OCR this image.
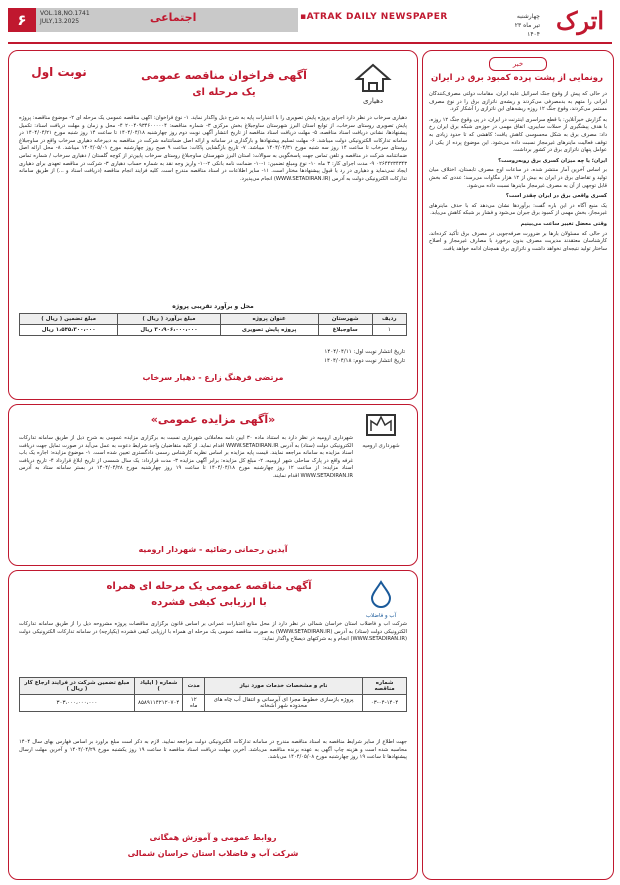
۶	VOL.18,NO.1741
JULY,13.2025	اجتماعی	▪ATRAK DAILY NEWSPAPER	چهارشنبه
۲۳ تیر ماه ۱۴۰۴ اترک
خبر
رونمایی از پشت پرده کمبود برق در ایران

در حالی که پیش از وقوع جنگ اسرائیل علیه ایران، مقامات دولتی مصرف‌کنندگان ایرانی را متهم به بدمصرفی می‌کردند و ریشه‌ی ناترازی برق را در نوع مصرف مستمر می‌کردند، وقوع جنگ ۱۲ روزه ریشه‌های این ناترازی را آشکار کرد.

به گزارش خبرآنلاین: با قطع سراسری اینترنت در ایران، در پی وقوع جنگ ۱۲ روزه، با هدف پیشگیری از حملات سایبری، اتفاق مهمی در حوزه‌ی شبکه برق ایران رخ داد: مصرف برق به شکل محسوسی کاهش یافت؛ کاهشی که تا حدود زیادی به توقف فعالیت ماینرهای غیرمجاز نسبت داده می‌شود. این موضوع پرده از یکی از عوامل پنهان ناترازی برق در کشور برداشت.

ایران؛ یا چه میزان کسری برق روبه‌روست؟

بر اساس آخرین آمار منتشر شده، در ساعات اوج مصرف تابستان، اختلاف میان تولید و تقاضای برق در ایران به بیش از ۱۲ هزار مگاوات می‌رسد؛ عددی که بخش قابل توجهی از آن به مصرف غیرمجاز ماینرها نسبت داده می‌شود.

کسری واقعی برق در ایران چقدر است؟

یک منبع آگاه در این باره گفت: برآوردها نشان می‌دهد که با حذف ماینرهای غیرمجاز، بخش مهمی از کمبود برق جبران می‌شود و فشار بر شبکه کاهش می‌یابد.

وقتی معضل تغییر ساعت می‌بینیم

در حالی که مسئولان بارها بر ضرورت صرفه‌جویی در مصرف برق تأکید کرده‌اند، کارشناسان معتقدند مدیریت مصرف بدون برخورد با مصارف غیرمجاز و اصلاح ساختار تولید نتیجه‌ای نخواهد داشت و ناترازی برق همچنان ادامه خواهد یافت.

نوبت اول
دهیاری
آگهی فراخوان مناقصه عمومی
یک مرحله ای
دهیاری سرخاب در نظر دارد اجرای پروژه پایش تصویری را با اعتبارات پایه به شرح ذیل واگذار نماید. ۱- نوع فراخوان: آگهی مناقصه عمومی یک مرحله ای ۲- موضوع مناقصه: پروژه پایش تصویری روستای سرخاب، از توابع استان البرز شهرستان ساوجبلاغ بخش مرکزی ۳- شماره مناقصه: ۲۰۰۴۰۹۳۴۶۰۰۰۰۰۴ ۴- محل و زمان و مهلت دریافت اسناد: تکمیل پیشنهادها، نشانی دریافت اسناد مناقصه، ۵- مهلت دریافت اسناد مناقصه از تاریخ انتشار آگهی نوبت دوم روز چهارشنبه ۱۴۰۴/۰۴/۱۸ تا ساعت ۱۴ روز شنبه مورخ ۱۴۰۴/۰۴/۲۱ در سامانه تدارکات الکترونیکی دولت میباشد. ۶- مهلت تسلیم پیشنهادها و بارگذاری در سامانه و ارائه اصل ضمانتنامه شرکت در مناقصه به دبیرخانه دهیاری سرخاب واقع در ساوجبلاغ روستای سرخاب تا ساعت ۱۴ روز سه شنبه مورخ ۱۴۰۴/۰۴/۳۱ میباشد. ۷- تاریخ بازگشایی پاکات: ساعت ۹ صبح روز چهارشنبه مورخ ۱۴۰۴/۰۵/۰۱ میباشد. ۸- محل ارائه اصل ضمانتنامه شرکت در مناقصه و تلفن تماس جهت پاسخگویی به سوالات: استان البرز شهرستان ساوجبلاغ روستای سرخاب پایین‌تر از کوچه گلستان / دهیاری سرخاب / شماره تماس ۰۲۶۴۴۲۳۴۳۴۳ ۹- مدت اجرای کار: ۳ ماه ۱۰- نوع ومبلغ تضمین: ۱-۱۰- ضمانت نامه بانکی ۲-۱۰- واریز وجه نقد به شماره حساب دهیاری ۳- شرکت در مناقصه تعهدی برای دهیاری ایجاد نمی‌نماید و دهیاری در رد یا قبول پیشنهادها مختار است. ۱۱- سایر اطلاعات در اسناد مناقصه مندرج است. کلیه فرایند انجام مناقصه (دریافت اسناد و ...) از طریق سامانه تدارکات الکترونیکی دولت به آدرس (WWW.SETADIRAN.IR) انجام می‌پذیرد.
محل و برآورد تقریبی پروژه
ردیف	شهرستان	عنوان پروژه	مبلغ برآورد ( ریال )	مبلغ تضمین ( ریال )
۱	ساوجبلاغ	پروژه پایش تصویری	۳۰،۹۰۶،۰۰۰،۰۰۰ ریال	۱،۵۴۵،۳۰۰،۰۰۰ ریال
تاریخ انتشار نوبت اول: ۱۴۰۴/۰۴/۱۱
تاریخ انتشار نوبت دوم: ۱۴۰۴/۰۴/۱۸
مرتضی فرهنگ زارع - دهیار سرخاب
«آگهی مزایده عمومی»
شهرداری ارومیه
شهرداری ارومیه در نظر دارد به استناد ماده ۳۰ آیین نامه معاملاتی شهرداری نسبت به برگزاری مزایده عمومی به شرح ذیل از طریق سامانه تدارکات الکترونیکی دولت (ستاد) به آدرس WWW.SETADIRAN.IR اقدام نماید. از کلیه متقاضیان واجد شرایط دعوت به عمل می‌آید در صورت تمایل جهت دریافت اسناد مزایده به سامانه مراجعه نمایند. قیمت پایه مزایده بر اساس نظریه کارشناس رسمی دادگستری تعیین شده است. ۱- موضوع مزایده: اجاره یک باب غرفه واقع در پارک ساحلی شهر ارومیه، ۲- مبلغ کل مزایده: برابر آگهی مزایده ۳- مدت قرارداد: یک سال شمسی از تاریخ ابلاغ قرارداد ۴- تاریخ دریافت اسناد مزایده: از ساعت ۱۲ روز چهارشنبه مورخ ۱۴۰۴/۰۴/۱۸ تا ساعت ۱۹ روز چهارشنبه مورخ ۱۴۰۴/۰۴/۲۸ در بستر سامانه ستاد به آدرس WWW.SETADIRAN.IR اقدام نمایند.
آیدین رحمانی رضائیه - شهردار ارومیه
آگهی مناقصه عمومی یک مرحله ای همراه
با ارزیابی کیفی فشرده
آب و فاضلاب
شرکت آب و فاضلاب استان خراسان شمالی در نظر دارد از محل منابع اعتبارات عمرانی بر اساس قانون برگزاری مناقصات پروژه مشروحه ذیل را از طریق سامانه تدارکات الکترونیکی دولت (ستاد) به آدرس (WWW.SETADIRAN.IR) به صورت مناقصه عمومی یک مرحله ای همراه با ارزیابی کیفی فشرده (یکپارچه) در سامانه تدارکات الکترونیکی دولت (WWW.SETADIRAN.IR) انجام و به شرکتهای ذیصلاح واگذار نماید:
شماره مناقصه	نام و مشخصات خدمات مورد نیاز	مدت	شماره ( ایلیاد )	مبلغ تضمین شرکت در فرایند ارجاع کار ( ریال )
۰۳-۰۴-۱۴۰۴	پروژه بازسازی خطوط مجرا ای آبرسانی و انتقال آب چاه های محدوده شهر آشخانه	۱۲ ماه	۸۵۸۹۱۱۴۲۱۲۰۷۰۴	۳۰۳،۰۰۰،۰۰۰،۰۰۰
جهت اطلاع از سایر شرایط مناقصه به اسناد مناقصه مندرج در سامانه تدارکات الکترونیکی دولت مراجعه نمایید. لازم به ذکر است مبلغ برآورد بر اساس فهارس بهای سال ۱۴۰۴ محاسبه شده است و هزینه چاپ آگهی به عهده برنده مناقصه می‌باشد. آخرین مهلت دریافت اسناد مناقصه تا ساعت ۱۹ روز یکشنبه مورخ ۱۴۰۴/۰۴/۲۹ و آخرین مهلت ارسال پیشنهادها تا ساعت ۱۹ روز چهارشنبه مورخ ۱۴۰۴/۰۵/۰۸ می‌باشد.
روابط عمومی و آموزش همگانی
شرکت آب و فاضلاب استان خراسان شمالی
